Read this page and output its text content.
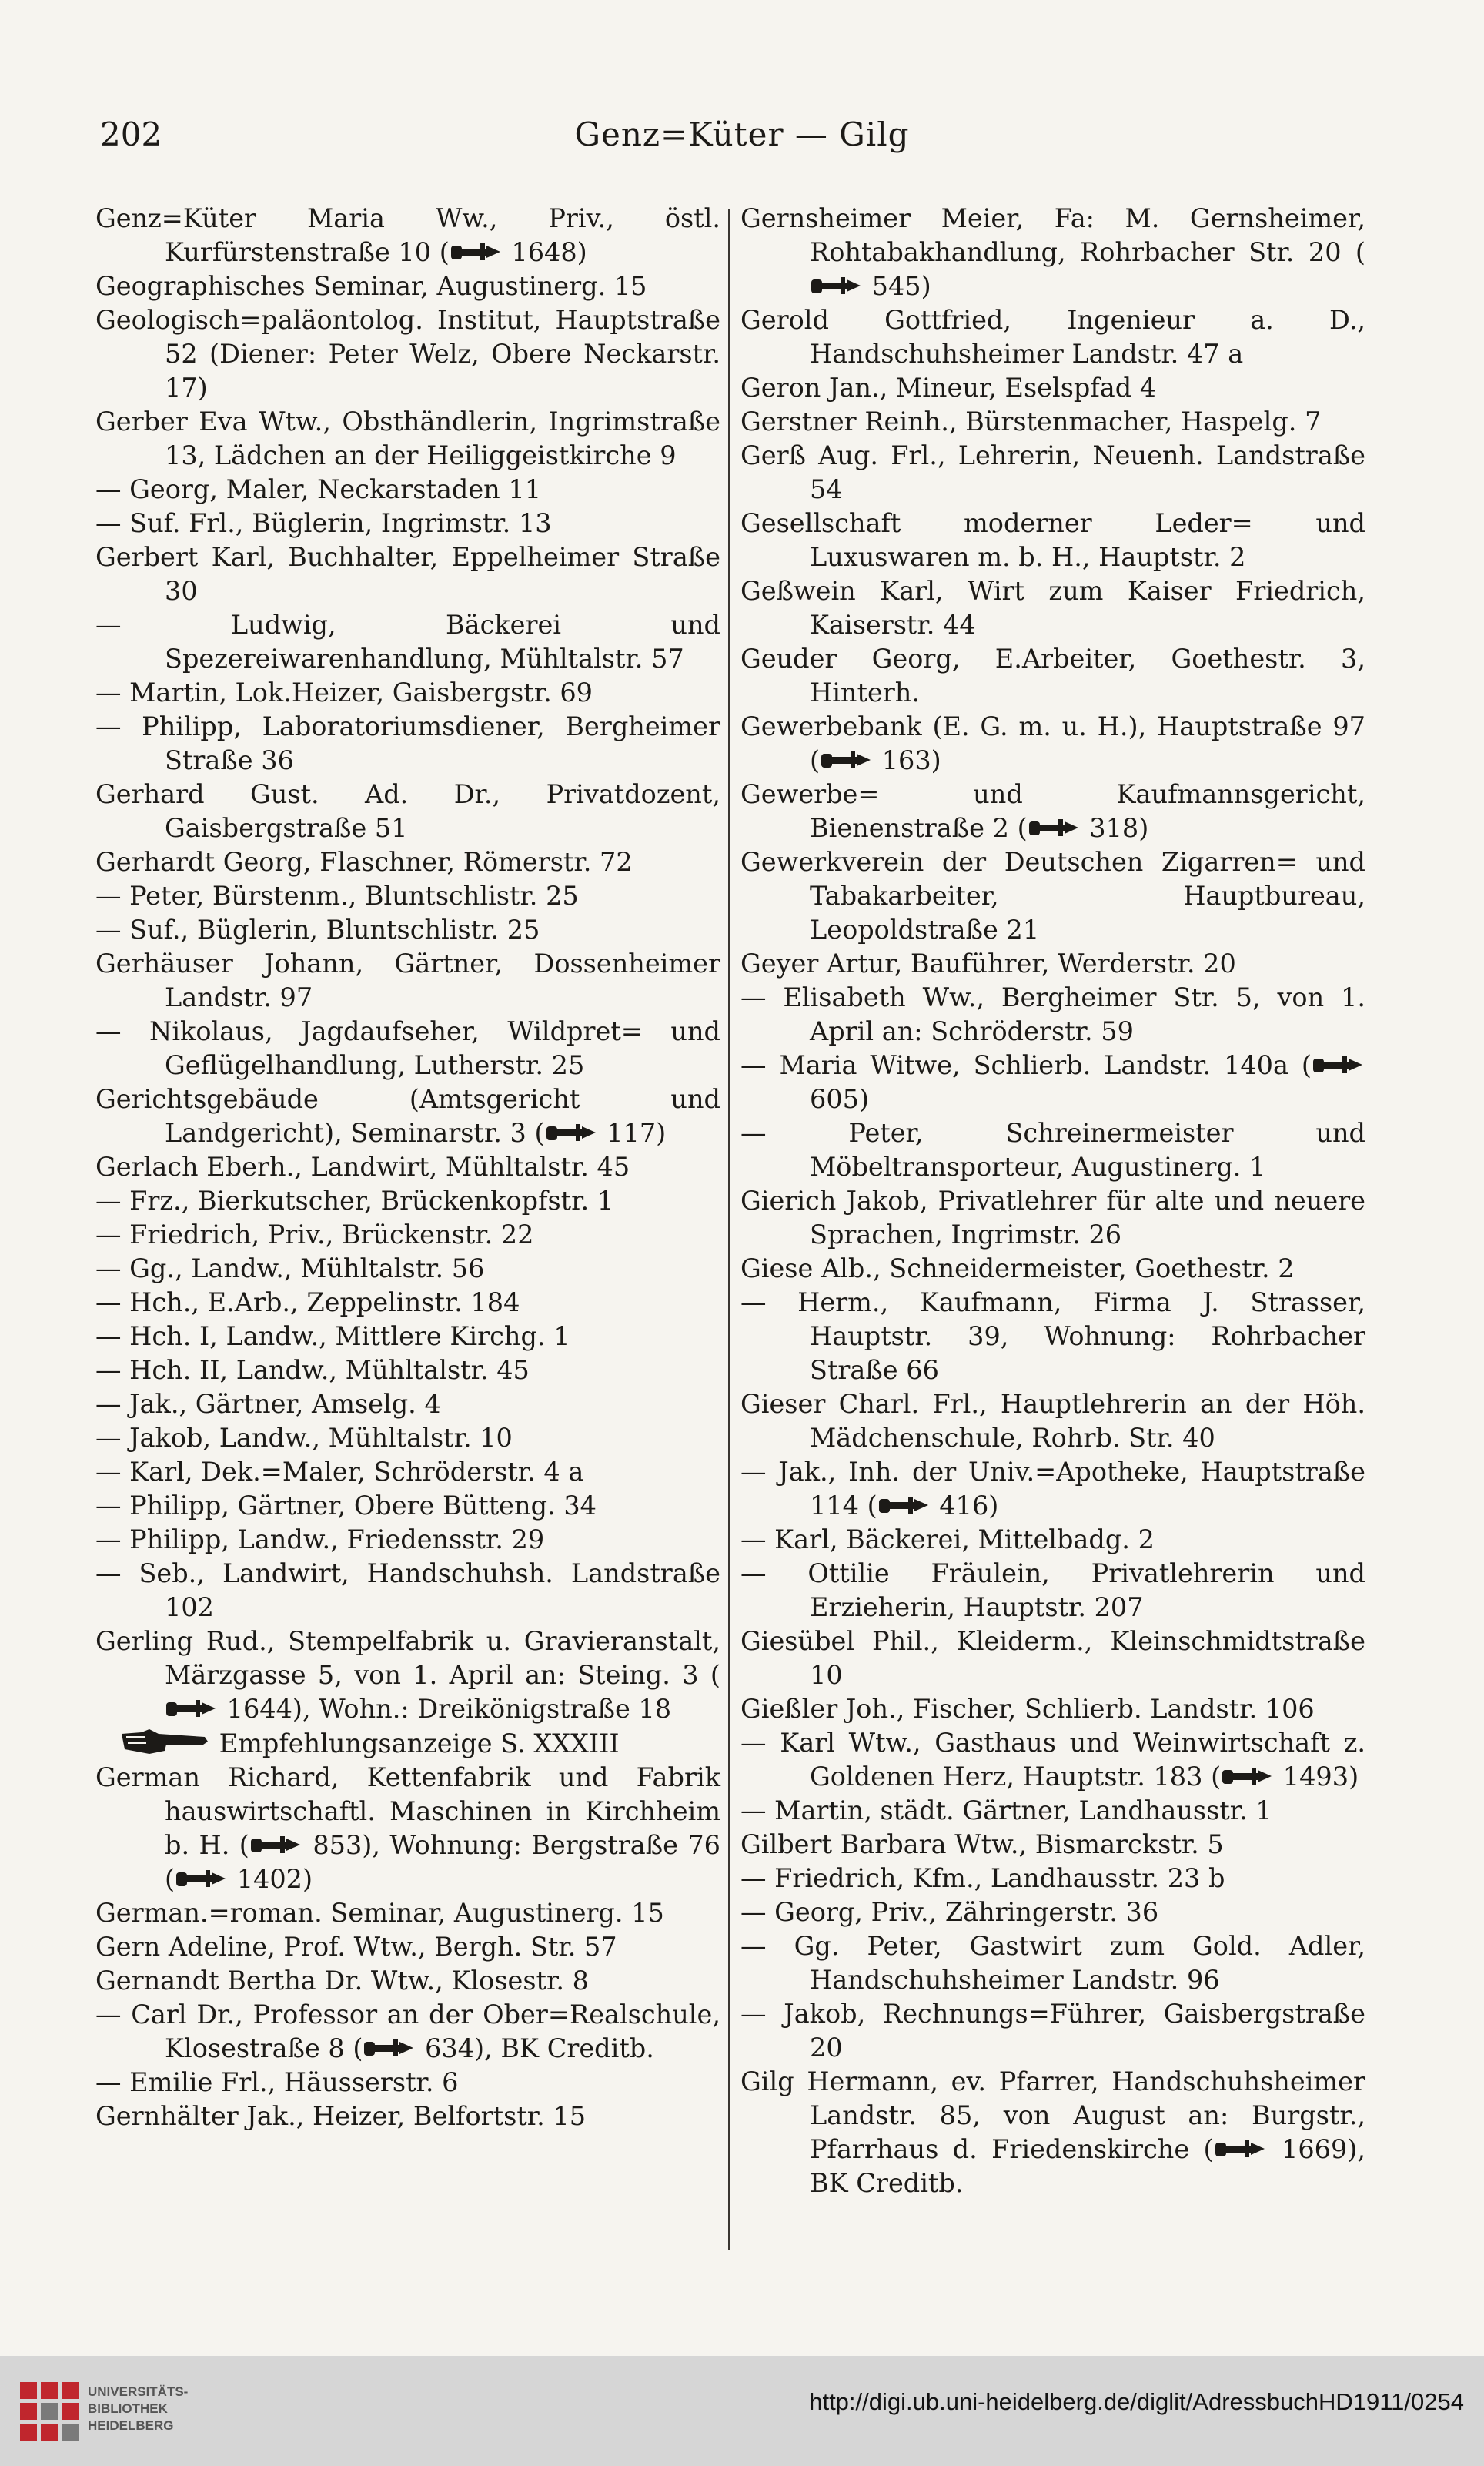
202	Genz=Küter — Gilg
Genz=Küter Maria Ww., Priv., östl. Kurfürstenstraße 10 ( 1648)
Geographisches Seminar, Augustinerg. 15
Geologisch=paläontolog. Institut, Hauptstraße 52 (Diener: Peter Welz, Obere Neckarstr. 17)
Gerber Eva Wtw., Obsthändlerin, Ingrimstraße 13, Lädchen an der Heiliggeistkirche 9
— Georg, Maler, Neckarstaden 11
— Suf. Frl., Büglerin, Ingrimstr. 13
Gerbert Karl, Buchhalter, Eppelheimer Straße 30
— Ludwig, Bäckerei und Spezereiwarenhandlung, Mühltalstr. 57
— Martin, Lok.Heizer, Gaisbergstr. 69
— Philipp, Laboratoriumsdiener, Bergheimer Straße 36
Gerhard Gust. Ad. Dr., Privatdozent, Gaisbergstraße 51
Gerhardt Georg, Flaschner, Römerstr. 72
— Peter, Bürstenm., Bluntschlistr. 25
— Suf., Büglerin, Bluntschlistr. 25
Gerhäuser Johann, Gärtner, Dossenheimer Landstr. 97
— Nikolaus, Jagdaufseher, Wildpret= und Geflügelhandlung, Lutherstr. 25
Gerichtsgebäude (Amtsgericht und Landgericht), Seminarstr. 3 ( 117)
Gerlach Eberh., Landwirt, Mühltalstr. 45
— Frz., Bierkutscher, Brückenkopfstr. 1
— Friedrich, Priv., Brückenstr. 22
— Gg., Landw., Mühltalstr. 56
— Hch., E.Arb., Zeppelinstr. 184
— Hch. I, Landw., Mittlere Kirchg. 1
— Hch. II, Landw., Mühltalstr. 45
— Jak., Gärtner, Amselg. 4
— Jakob, Landw., Mühltalstr. 10
— Karl, Dek.=Maler, Schröderstr. 4 a
— Philipp, Gärtner, Obere Bütteng. 34
— Philipp, Landw., Friedensstr. 29
— Seb., Landwirt, Handschuhsh. Landstraße 102
Gerling Rud., Stempelfabrik u. Gravieranstalt, Märzgasse 5, von 1. April an: Steing. 3 ( 1644), Wohn.: Dreikönigstraße 18
Empfehlungsanzeige S. XXXIII
German Richard, Kettenfabrik und Fabrik hauswirtschaftl. Maschinen in Kirchheim b. H. ( 853), Wohnung: Bergstraße 76 ( 1402)
German.=roman. Seminar, Augustinerg. 15
Gern Adeline, Prof. Wtw., Bergh. Str. 57
Gernandt Bertha Dr. Wtw., Klosestr. 8
— Carl Dr., Professor an der Ober=Realschule, Klosestraße 8 ( 634), BK Creditb.
— Emilie Frl., Häusserstr. 6
Gernhälter Jak., Heizer, Belfortstr. 15
Gernsheimer Meier, Fa: M. Gernsheimer, Rohtabakhandlung, Rohrbacher Str. 20 ( 545)
Gerold Gottfried, Ingenieur a. D., Handschuhsheimer Landstr. 47 a
Geron Jan., Mineur, Eselspfad 4
Gerstner Reinh., Bürstenmacher, Haspelg. 7
Gerß Aug. Frl., Lehrerin, Neuenh. Landstraße 54
Gesellschaft moderner Leder= und Luxuswaren m. b. H., Hauptstr. 2
Geßwein Karl, Wirt zum Kaiser Friedrich, Kaiserstr. 44
Geuder Georg, E.Arbeiter, Goethestr. 3, Hinterh.
Gewerbebank (E. G. m. u. H.), Hauptstraße 97 ( 163)
Gewerbe= und Kaufmannsgericht, Bienenstraße 2 ( 318)
Gewerkverein der Deutschen Zigarren= und Tabakarbeiter, Hauptbureau, Leopoldstraße 21
Geyer Artur, Bauführer, Werderstr. 20
— Elisabeth Ww., Bergheimer Str. 5, von 1. April an: Schröderstr. 59
— Maria Witwe, Schlierb. Landstr. 140a ( 605)
— Peter, Schreinermeister und Möbeltransporteur, Augustinerg. 1
Gierich Jakob, Privatlehrer für alte und neuere Sprachen, Ingrimstr. 26
Giese Alb., Schneidermeister, Goethestr. 2
— Herm., Kaufmann, Firma J. Strasser, Hauptstr. 39, Wohnung: Rohrbacher Straße 66
Gieser Charl. Frl., Hauptlehrerin an der Höh. Mädchenschule, Rohrb. Str. 40
— Jak., Inh. der Univ.=Apotheke, Hauptstraße 114 ( 416)
— Karl, Bäckerei, Mittelbadg. 2
— Ottilie Fräulein, Privatlehrerin und Erzieherin, Hauptstr. 207
Giesübel Phil., Kleiderm., Kleinschmidtstraße 10
Gießler Joh., Fischer, Schlierb. Landstr. 106
— Karl Wtw., Gasthaus und Weinwirtschaft z. Goldenen Herz, Hauptstr. 183 ( 1493)
— Martin, städt. Gärtner, Landhausstr. 1
Gilbert Barbara Wtw., Bismarckstr. 5
— Friedrich, Kfm., Landhausstr. 23 b
— Georg, Priv., Zähringerstr. 36
— Gg. Peter, Gastwirt zum Gold. Adler, Handschuhsheimer Landstr. 96
— Jakob, Rechnungs=Führer, Gaisbergstraße 20
Gilg Hermann, ev. Pfarrer, Handschuhsheimer Landstr. 85, von August an: Burgstr., Pfarrhaus d. Friedenskirche ( 1669), BK Creditb.
UNIVERSITÄTS-
BIBLIOTHEK
HEIDELBERG
http://digi.ub.uni-heidelberg.de/diglit/AdressbuchHD1911/0254
